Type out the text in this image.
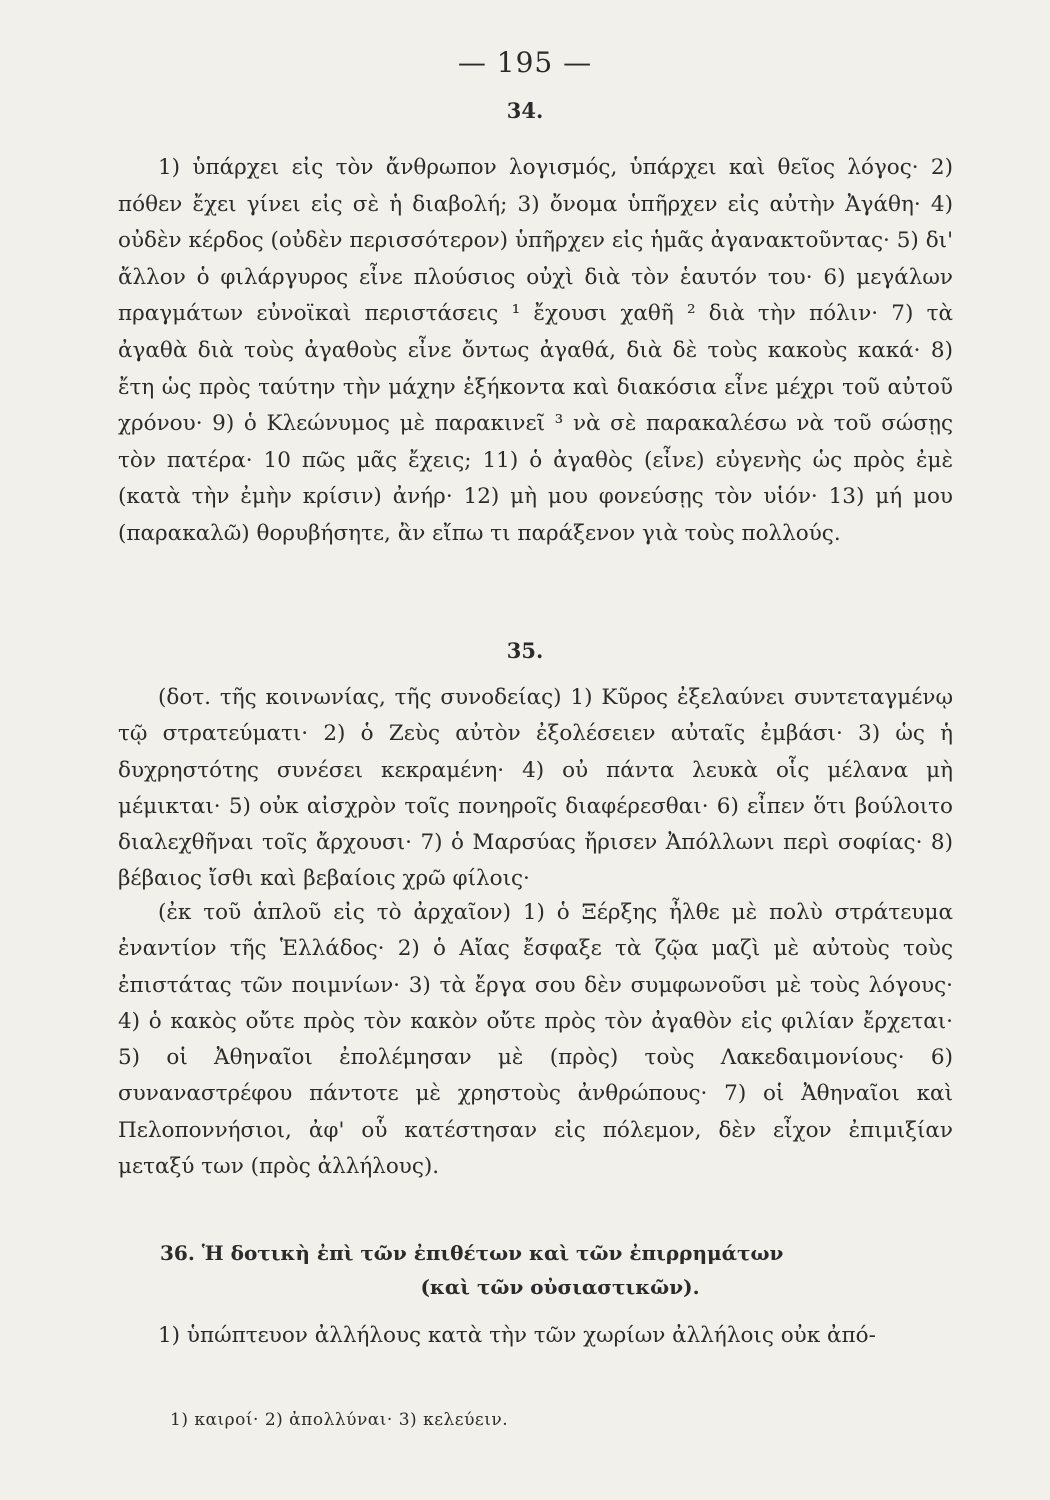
— 195 —
34.

1) ὑπάρχει εἰς τὸν ἄνθρωπον λογισμός, ὑπάρχει καὶ θεῖος λόγος· 2) πόθεν ἔχει γίνει εἰς σὲ ἡ διαβολή; 3) ὄνομα ὑπῆρχεν εἰς αὐτὴν Ἀγάθη· 4) οὐδὲν κέρδος (οὐδὲν περισσότερον) ὑπῆρχεν εἰς ἡμᾶς ἀγανακτοῦντας· 5) δι' ἄλλον ὁ φιλάργυρος εἶνε πλούσιος οὐχὶ διὰ τὸν ἑαυτόν του· 6) μεγάλων πραγμάτων εὐνοϊκαὶ περιστάσεις ¹ ἔχουσι χαθῆ ² διὰ τὴν πόλιν· 7) τὰ ἀγαθὰ διὰ τοὺς ἀγαθοὺς εἶνε ὄντως ἀγαθά, διὰ δὲ τοὺς κακοὺς κακά· 8) ἔτη ὡς πρὸς ταύτην τὴν μάχην ἑξήκοντα καὶ διακόσια εἶνε μέχρι τοῦ αὐτοῦ χρόνου· 9) ὁ Κλεώνυμος μὲ παρακινεῖ ³ νὰ σὲ παρακαλέσω νὰ τοῦ σώσῃς τὸν πατέρα· 10 πῶς μᾶς ἔχεις; 11) ὁ ἀγαθὸς (εἶνε) εὐγενὴς ὡς πρὸς ἐμὲ (κατὰ τὴν ἐμὴν κρίσιν) ἀνήρ· 12) μὴ μου φονεύσῃς τὸν υἱόν· 13) μή μου (παρακαλῶ) θορυβήσητε, ἂν εἴπω τι παράξενον γιὰ τοὺς πολλούς.

35.

(δοτ. τῆς κοινωνίας, τῆς συνοδείας) 1) Κῦρος ἐξελαύνει συντεταγμένῳ τῷ στρατεύματι· 2) ὁ Ζεὺς αὐτὸν ἐξολέσειεν αὐταῖς ἐμβάσι· 3) ὡς ἡ δυχρηστότης συνέσει κεκραμένη· 4) οὐ πάντα λευκὰ οἷς μέλανα μὴ μέμικται· 5) οὐκ αἰσχρὸν τοῖς πονηροῖς διαφέρεσθαι· 6) εἶπεν ὅτι βούλοιτο διαλεχθῆναι τοῖς ἄρχουσι· 7) ὁ Μαρσύας ἤρισεν Ἀπόλλωνι περὶ σοφίας· 8) βέβαιος ἴσθι καὶ βεβαίοις χρῶ φίλοις·

(ἐκ τοῦ ἁπλοῦ εἰς τὸ ἀρχαῖον) 1) ὁ Ξέρξης ἦλθε μὲ πολὺ στράτευμα ἐναντίον τῆς Ἑλλάδος· 2) ὁ Αἴας ἔσφαξε τὰ ζῷα μαζὶ μὲ αὐτοὺς τοὺς ἐπιστάτας τῶν ποιμνίων· 3) τὰ ἔργα σου δὲν συμφωνοῦσι μὲ τοὺς λόγους· 4) ὁ κακὸς οὔτε πρὸς τὸν κακὸν οὔτε πρὸς τὸν ἀγαθὸν εἰς φιλίαν ἔρχεται· 5) οἱ Ἀθηναῖοι ἐπολέμησαν μὲ (πρὸς) τοὺς Λακεδαιμονίους· 6) συναναστρέφου πάντοτε μὲ χρηστοὺς ἀνθρώπους· 7) οἱ Ἀθηναῖοι καὶ Πελοποννήσιοι, ἀφ' οὗ κατέστησαν εἰς πόλεμον, δὲν εἶχον ἐπιμιξίαν μεταξύ των (πρὸς ἀλλήλους).

36. Ἡ δοτικὴ ἐπὶ τῶν ἐπιθέτων καὶ τῶν ἐπιρρημάτων
(καὶ τῶν οὐσιαστικῶν).

1) ὑπώπτευον ἀλλήλους κατὰ τὴν τῶν χωρίων ἀλλήλοις οὐκ ἀπό-

1) καιροί· 2) ἀπολλύναι· 3) κελεύειν.
